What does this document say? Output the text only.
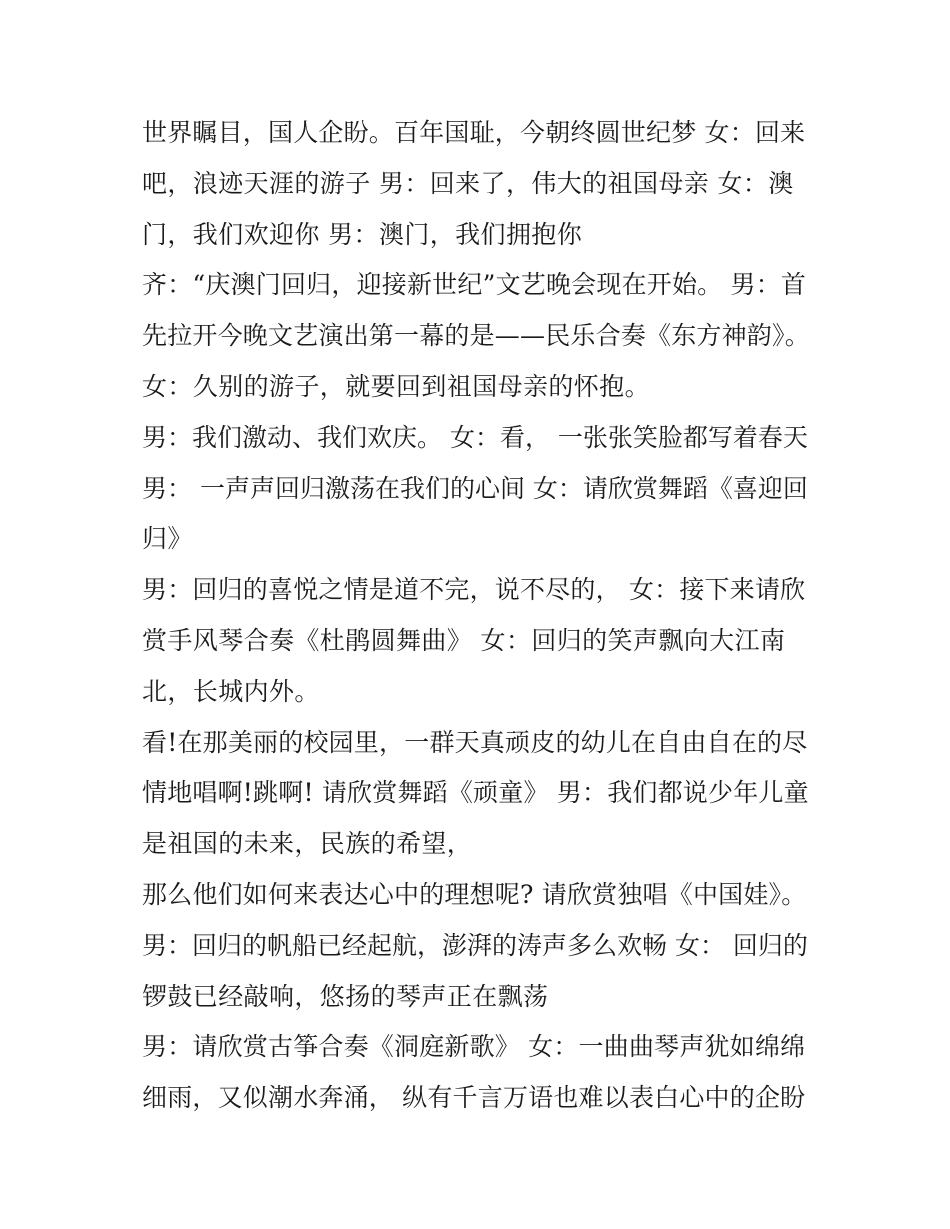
世界瞩目，国人企盼。百年国耻，今朝终圆世纪梦 女：回来
吧，浪迹天涯的游子 男：回来了，伟大的祖国母亲 女：澳
门，我们欢迎你 男：澳门，我们拥抱你
齐：“庆澳门回归，迎接新世纪”文艺晚会现在开始。 男：首
先拉开今晚文艺演出第一幕的是——民乐合奏《东方神韵》。
女：久别的游子，就要回到祖国母亲的怀抱。
男：我们激动、我们欢庆。 女：看， 一张张笑脸都写着春天
男： 一声声回归激荡在我们的心间 女：请欣赏舞蹈《喜迎回
归》
男：回归的喜悦之情是道不完，说不尽的， 女：接下来请欣
赏手风琴合奏《杜鹃圆舞曲》 女：回归的笑声飘向大江南
北，长城内外。
看!在那美丽的校园里，一群天真顽皮的幼儿在自由自在的尽
情地唱啊!跳啊! 请欣赏舞蹈《顽童》 男：我们都说少年儿童
是祖国的未来，民族的希望，
那么他们如何来表达心中的理想呢? 请欣赏独唱《中国娃》。
男：回归的帆船已经起航，澎湃的涛声多么欢畅 女： 回归的
锣鼓已经敲响，悠扬的琴声正在飘荡
男：请欣赏古筝合奏《洞庭新歌》 女：一曲曲琴声犹如绵绵
细雨，又似潮水奔涌， 纵有千言万语也难以表白心中的企盼
